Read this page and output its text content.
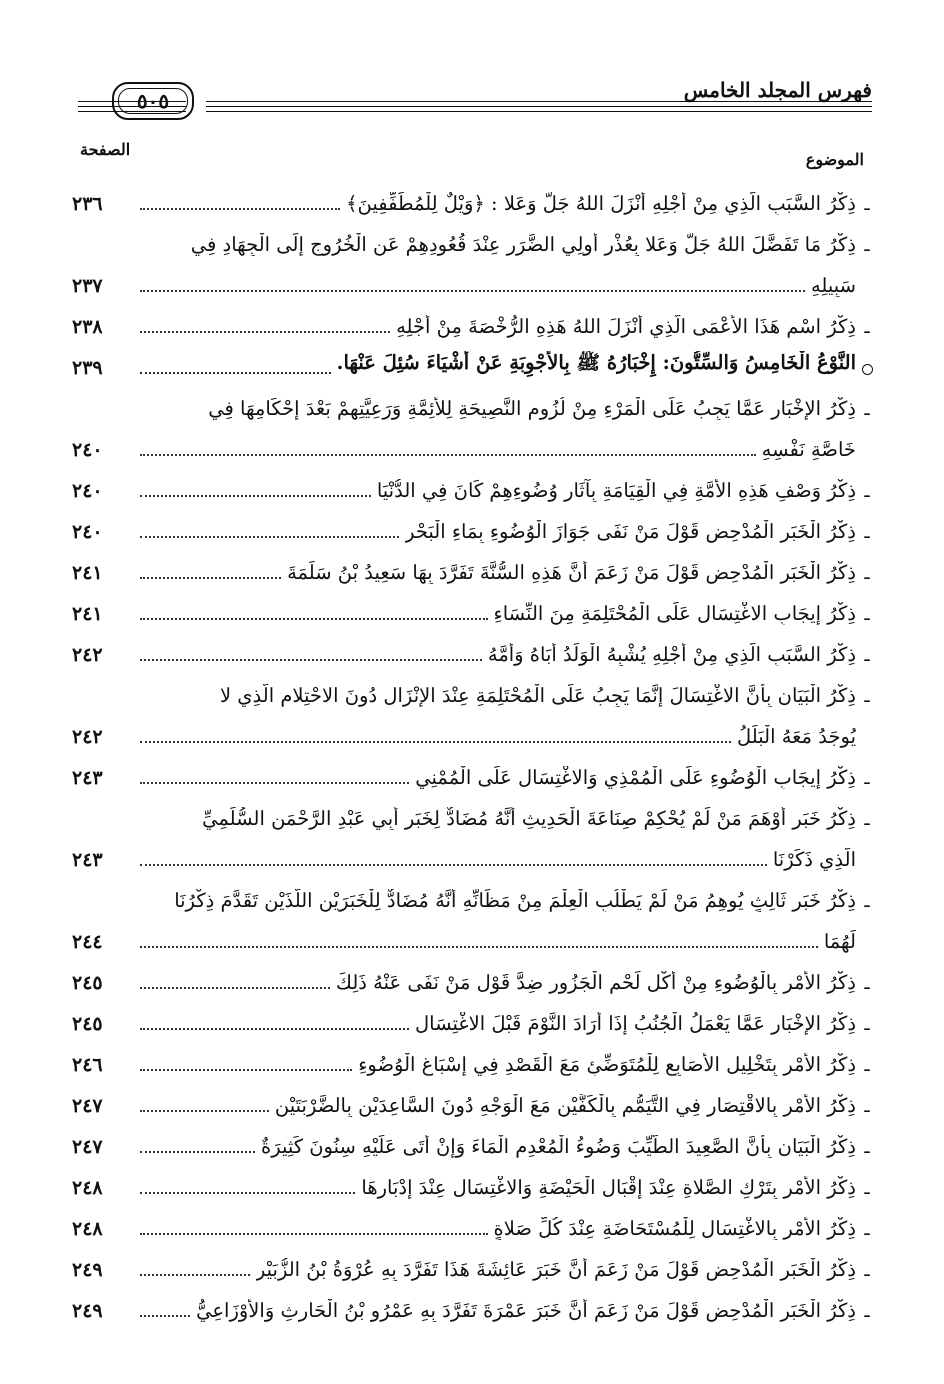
فهرس المجلد الخامس
٥٠٥
الموضوع
الصفحة
ـ
ذِكْرُ السَّبَبِ الَّذِي مِنْ أَجْلِهِ أَنْزَلَ اللهُ جَلَّ وَعَلا : ﴿وَيْلٌ لِلْمُطَفِّفِينَ﴾
٢٣٦
ـ
ذِكْرُ مَا تَفَضَّلَ اللهُ جَلَّ وَعَلا بِعُذْرِ أُولِي الضَّرَرِ عِنْدَ قُعُودِهِمْ عَنِ الْخُرُوجِ إِلَى الْجِهَادِ فِي
سَبِيلِهِ
٢٣٧
ـ
ذِكْرُ اسْمِ هَذَا الأَعْمَى الَّذِي أَنْزَلَ اللهُ هَذِهِ الرُّخْصَةَ مِنْ أَجْلِهِ
٢٣٨
النَّوْعُ الْخَامِسُ وَالسِّتُّونَ: إِخْبَارُهُ ﷺ بِالأَجْوِبَةِ عَنْ أَشْيَاءَ سُئِلَ عَنْهَا.
٢٣٩
ـ
ذِكْرُ الإِخْبَارِ عَمَّا يَجِبُ عَلَى الْمَرْءِ مِنْ لُزُومِ النَّصِيحَةِ لِلأَئِمَّةِ وَرَعِيَّتِهِمْ بَعْدَ إِحْكَامِهَا فِي
خَاصَّةِ نَفْسِهِ
٢٤٠
ـ
ذِكْرُ وَصْفِ هَذِهِ الأُمَّةِ فِي الْقِيَامَةِ بِآثَارِ وُضُوءِهِمْ كَانَ فِي الدُّنْيَا
٢٤٠
ـ
ذِكْرُ الْخَبَرِ الْمُدْحِضِ قَوْلَ مَنْ نَفَى جَوَازَ الْوُضُوءِ بِمَاءِ الْبَحْرِ
٢٤٠
ـ
ذِكْرُ الْخَبَرِ الْمُدْحِضِ قَوْلَ مَنْ زَعَمَ أَنَّ هَذِهِ السُّنَّةَ تَفَرَّدَ بِهَا سَعِيدُ بْنُ سَلَمَةَ
٢٤١
ـ
ذِكْرُ إِيجَابِ الاغْتِسَالِ عَلَى الْمُحْتَلِمَةِ مِنَ النِّسَاءِ
٢٤١
ـ
ذِكْرُ السَّبَبِ الَّذِي مِنْ أَجْلِهِ يُشْبِهُ الْوَلَدُ أَبَاهُ وَأُمَّهُ
٢٤٢
ـ
ذِكْرُ الْبَيَانِ بِأَنَّ الاغْتِسَالَ إِنَّمَا يَجِبُ عَلَى الْمُحْتَلِمَةِ عِنْدَ الإِنْزَالِ دُونَ الاحْتِلامِ الَّذِي لا
يُوجَدُ مَعَهُ الْبَلَلُ
٢٤٢
ـ
ذِكْرُ إِيجَابِ الْوُضُوءِ عَلَى الْمُمْذِي وَالاغْتِسَالِ عَلَى الْمُمْنِي
٢٤٣
ـ
ذِكْرُ خَبَرٍ أَوْهَمَ مَنْ لَمْ يُحْكِمْ صِنَاعَةَ الْحَدِيثِ أَنَّهُ مُضَادٌّ لِخَبَرِ أَبِي عَبْدِ الرَّحْمَنِ السُّلَمِيِّ
الَّذِي ذَكَرْنَا
٢٤٣
ـ
ذِكْرُ خَبَرٍ ثَالِثٍ يُوهِمُ مَنْ لَمْ يَطْلُبِ الْعِلْمَ مِنْ مَظَانِّهِ أَنَّهُ مُضَادٌّ لِلْخَبَرَيْنِ اللَّذَيْنِ تَقَدَّمَ ذِكْرُنَا
لَهُمَا
٢٤٤
ـ
ذِكْرُ الأَمْرِ بِالْوُضُوءِ مِنْ أَكْلِ لَحْمِ الْجَزُورِ ضِدَّ قَوْلِ مَنْ نَفَى عَنْهُ ذَلِكَ
٢٤٥
ـ
ذِكْرُ الإِخْبَارِ عَمَّا يَعْمَلُ الْجُنُبُ إِذَا أَرَادَ النَّوْمَ قَبْلَ الاغْتِسَالِ
٢٤٥
ـ
ذِكْرُ الأَمْرِ بِتَخْلِيلِ الأَصَابِعِ لِلْمُتَوَضِّئِ مَعَ الْقَصْدِ فِي إِسْبَاغِ الْوُضُوءِ
٢٤٦
ـ
ذِكْرُ الأَمْرِ بِالاقْتِصَارِ فِي التَّيَمُّمِ بِالْكَفَّيْنِ مَعَ الْوَجْهِ دُونَ السَّاعِدَيْنِ بِالضَّرْبَتَيْنِ
٢٤٧
ـ
ذِكْرُ الْبَيَانِ بِأَنَّ الصَّعِيدَ الطَّيِّبَ وَضُوءُ الْمُعْدِمِ الْمَاءَ وَإِنْ أَتَى عَلَيْهِ سِنُونَ كَثِيرَةٌ
٢٤٧
ـ
ذِكْرُ الأَمْرِ بِتَرْكِ الصَّلاةِ عِنْدَ إِقْبَالِ الْحَيْضَةِ وَالاغْتِسَالِ عِنْدَ إِدْبَارِهَا
٢٤٨
ـ
ذِكْرُ الأَمْرِ بِالاغْتِسَالِ لِلْمُسْتَحَاضَةِ عِنْدَ كُلِّ صَلاةٍ
٢٤٨
ـ
ذِكْرُ الْخَبَرِ الْمُدْحِضِ قَوْلَ مَنْ زَعَمَ أَنَّ خَبَرَ عَائِشَةَ هَذَا تَفَرَّدَ بِهِ عُرْوَةُ بْنُ الزُّبَيْرِ
٢٤٩
ـ
ذِكْرُ الْخَبَرِ الْمُدْحِضِ قَوْلَ مَنْ زَعَمَ أَنَّ خَبَرَ عَمْرَةَ تَفَرَّدَ بِهِ عَمْرُو بْنُ الْحَارِثِ وَالأَوْزَاعِيُّ
٢٤٩
